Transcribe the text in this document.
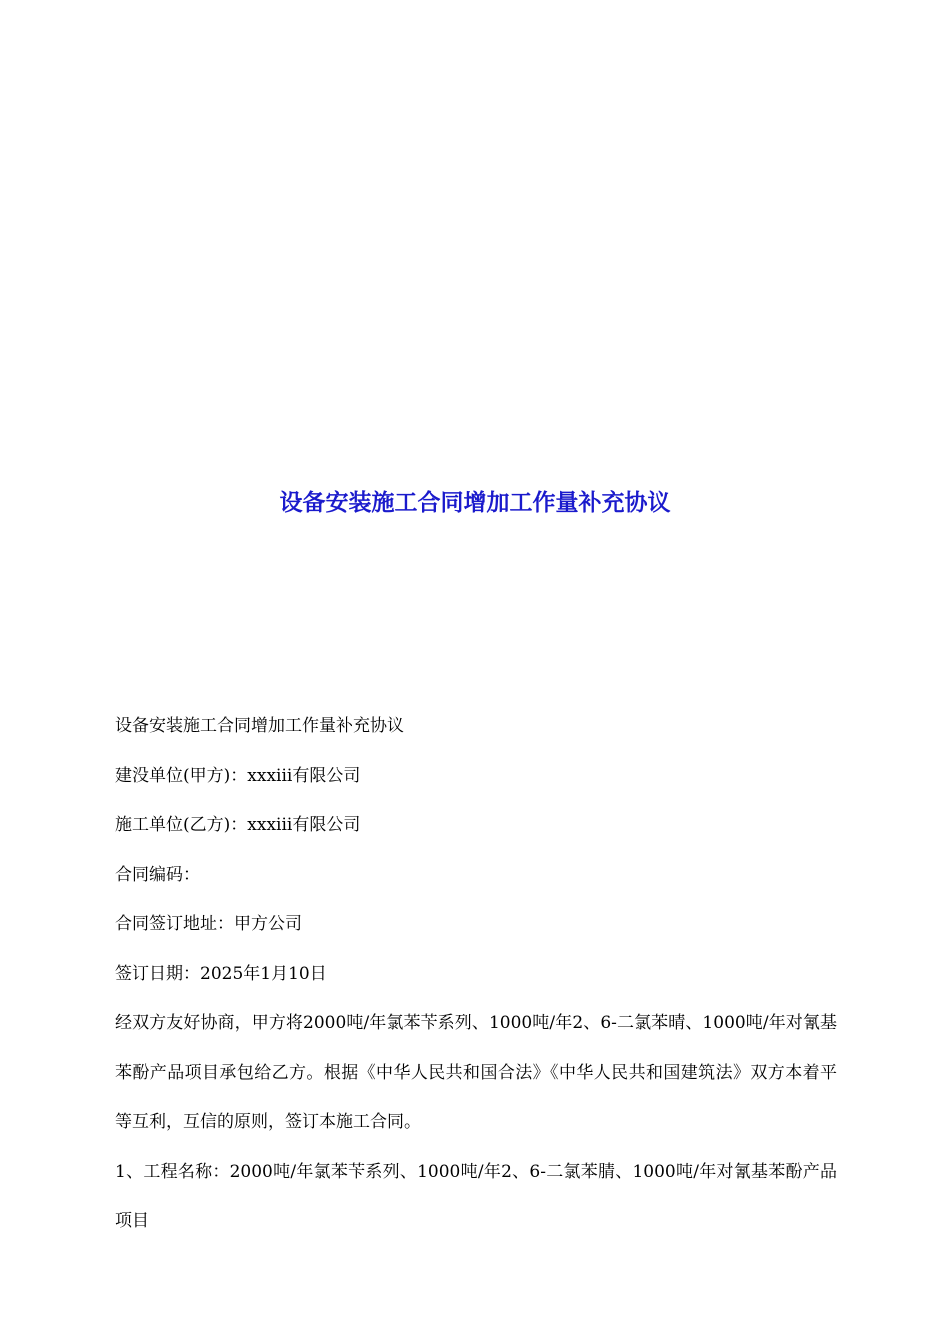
设备安装施工合同增加工作量补充协议

设备安装施工合同增加工作量补充协议

建没单位(甲方)：xxxiii有限公司

施工单位(乙方)：xxxiii有限公司

合同编码：

合同签订地址：甲方公司

签订日期：2025年1月10日

经双方友好协商，甲方将2000吨/年氯苯苄系列、1000吨/年2、6-二氯苯晴、1000吨/年对氰基苯酚产品项目承包给乙方。根据《中华人民共和国合法》《中华人民共和国建筑法》双方本着平等互利，互信的原则，签订本施工合同。

1、工程名称：2000吨/年氯苯苄系列、1000吨/年2、6-二氯苯腈、1000吨/年对氰基苯酚产品项目
